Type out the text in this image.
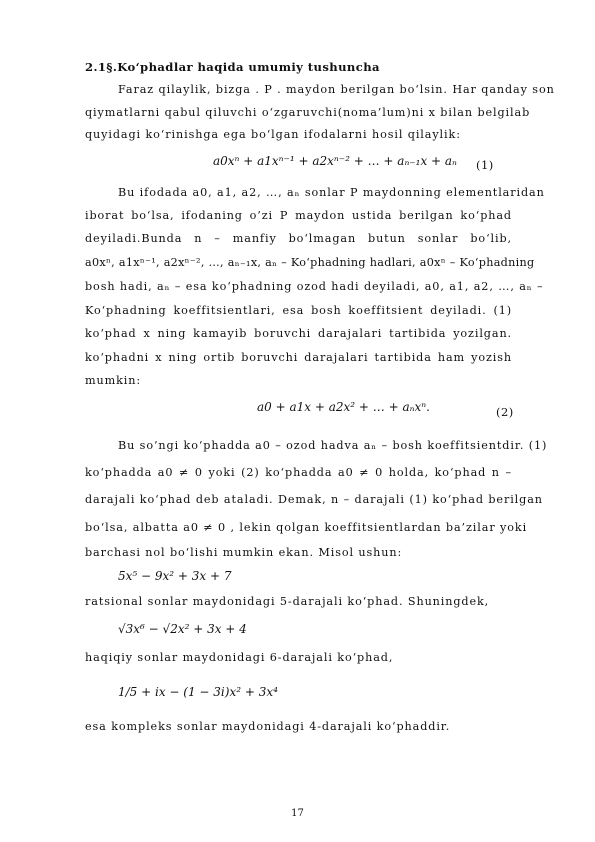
2.1§.Ko‘phadlar haqida umumiy tushuncha
Faraz qilaylik, bizga . P . maydon berilgan bo‘lsin. Har qanday son
qiymatlarni qabul qiluvchi o‘zgaruvchi(noma’lum)ni x bilan belgilab
quyidagi ko‘rinishga ega bo‘lgan ifodalarni hosil qilaylik:
a0xⁿ + a1xⁿ⁻¹ + a2xⁿ⁻² + … + aₙ₋₁x + aₙ (1)
Bu ifodada a0, a1, a2, …, aₙ sonlar P maydonning elementlaridan
iborat bo‘lsa, ifodaning o’zi P maydon ustida berilgan ko‘phad
deyiladi.Bunda n – manfiy bo‘lmagan butun sonlar bo‘lib,
a0xⁿ, a1xⁿ⁻¹, a2xⁿ⁻², …, aₙ₋₁x, aₙ – Ko‘phadning hadlari, a0xⁿ – Ko‘phadning
bosh hadi, aₙ – esa ko‘phadning ozod hadi deyiladi, a0, a1, a2, …, aₙ –
Ko‘phadning koeffitsientlari, esa bosh koeffitsient deyiladi. (1)
ko‘phad x ning kamayib boruvchi darajalari tartibida yozilgan.
ko‘phadni x ning ortib boruvchi darajalari tartibida ham yozish
mumkin:
a0 + a1x + a2x² + … + aₙxⁿ.	(2)
Bu so’ngi ko‘phadda a0 – ozod hadva aₙ – bosh koeffitsientdir. (1)
ko‘phadda a0 ≠ 0 yoki (2) ko‘phadda a0 ≠ 0 holda, ko‘phad n –
darajali ko‘phad deb ataladi. Demak, n – darajali (1) ko‘phad berilgan
bo‘lsa, albatta a0 ≠ 0 , lekin qolgan koeffitsientlardan ba’zilar yoki
barchasi nol bo‘lishi mumkin ekan. Misol ushun:
5x⁵ − 9x² + 3x + 7
ratsional sonlar maydonidagi 5-darajali ko‘phad. Shuningdek,
√3x⁶ − √2x² + 3x + 4
haqiqiy sonlar maydonidagi 6-darajali ko‘phad,
1/5 + ix − (1 − 3i)x² + 3x⁴
esa kompleks sonlar maydonidagi 4-darajali ko‘phaddir.
17
